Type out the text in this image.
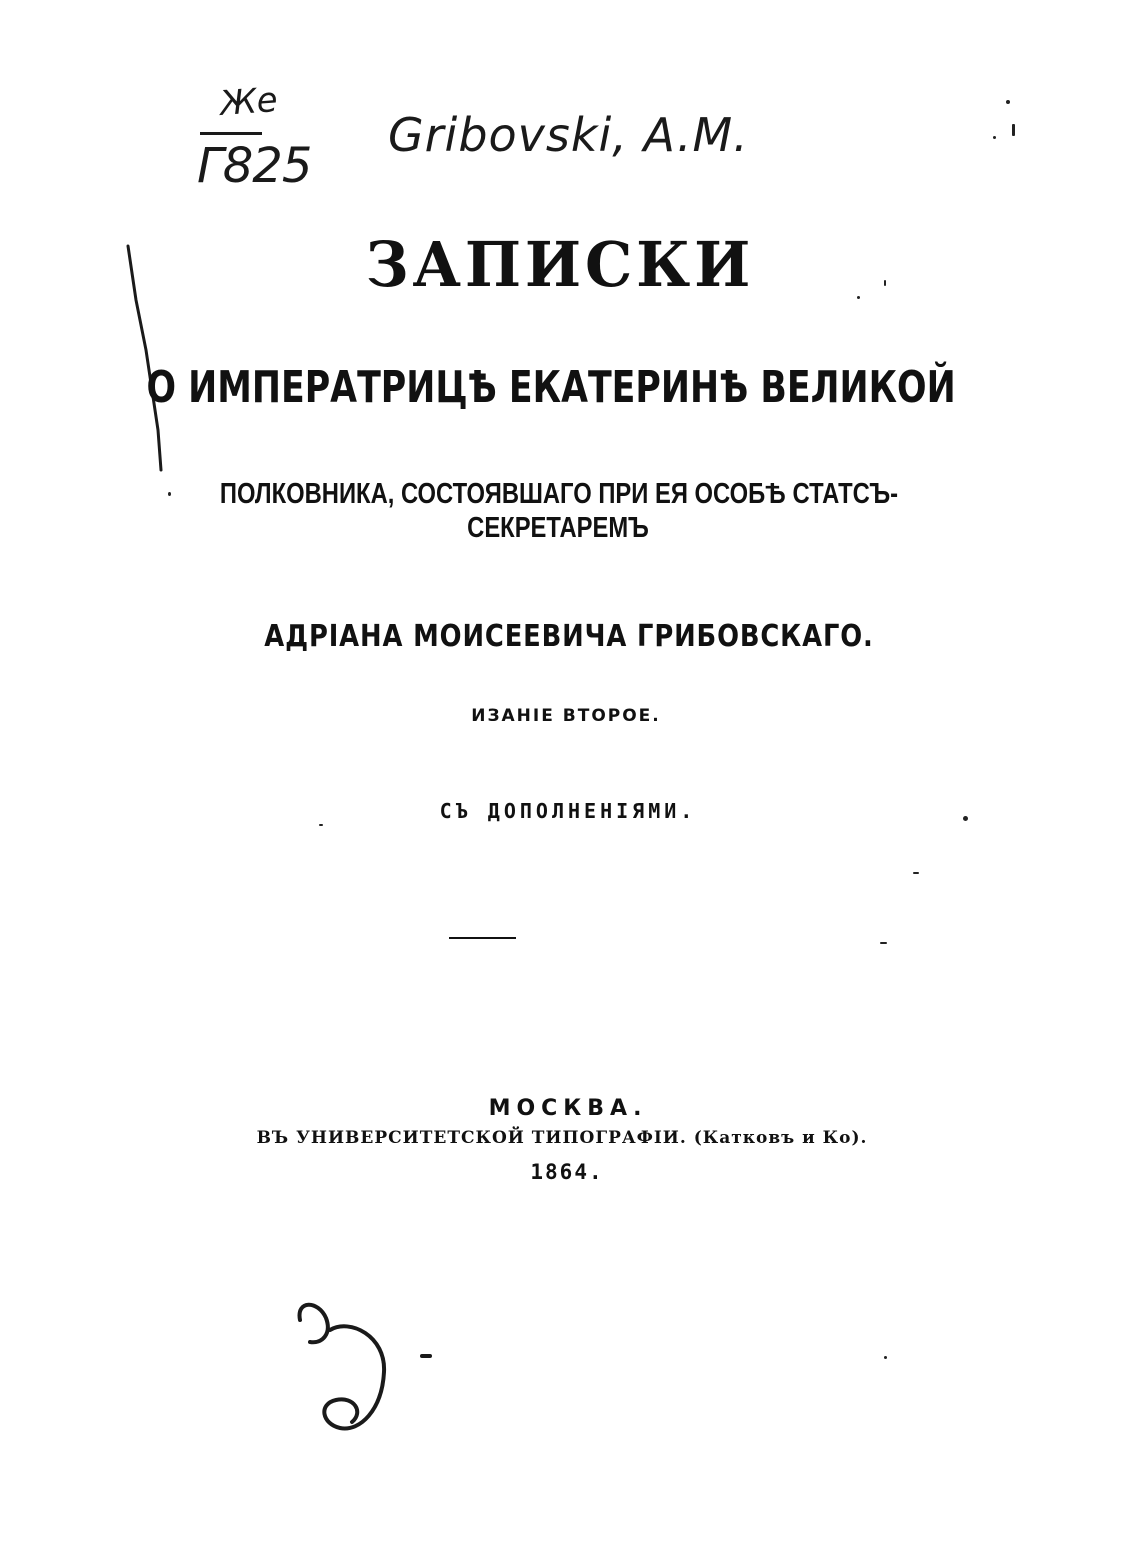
Же
Г825
Gribovski, A.M.
ЗАПИСКИ
О ИМПЕРАТРИЦѢ ЕКАТЕРИНѢ ВЕЛИКОЙ
ПОЛКОВНИКА, СОСТОЯВШАГО ПРИ ЕЯ ОСОБѢ СТАТСЪ-
СЕКРЕТАРЕМЪ
АДРІАНА МОИСЕЕВИЧА ГРИБОВСКАГО.
ИЗАНІЕ ВТОРОЕ.
СЪ ДОПОЛНЕНІЯМИ.
МОСКВА.
ВЪ УНИВЕРСИТЕТСКОЙ ТИПОГРАФІИ. (Катковъ и Ко).
1864.
